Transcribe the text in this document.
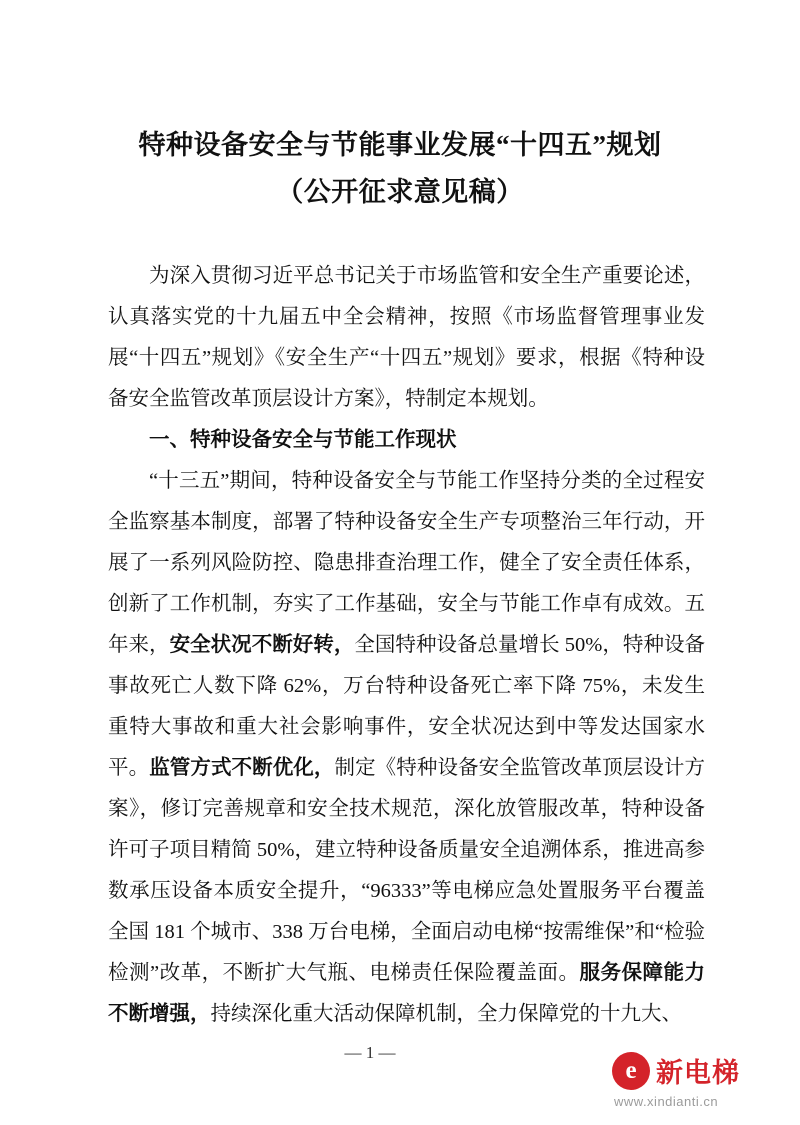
特种设备安全与节能事业发展“十四五”规划
（公开征求意见稿）

为深入贯彻习近平总书记关于市场监管和安全生产重要论述，认真落实党的十九届五中全会精神，按照《市场监督管理事业发展“十四五”规划》《安全生产“十四五”规划》要求，根据《特种设备安全监管改革顶层设计方案》，特制定本规划。

一、特种设备安全与节能工作现状

“十三五”期间，特种设备安全与节能工作坚持分类的全过程安全监察基本制度，部署了特种设备安全生产专项整治三年行动，开展了一系列风险防控、隐患排查治理工作，健全了安全责任体系，创新了工作机制，夯实了工作基础，安全与节能工作卓有成效。五年来，安全状况不断好转，全国特种设备总量增长 50%，特种设备事故死亡人数下降 62%，万台特种设备死亡率下降 75%，未发生重特大事故和重大社会影响事件，安全状况达到中等发达国家水平。监管方式不断优化，制定《特种设备安全监管改革顶层设计方案》，修订完善规章和安全技术规范，深化放管服改革，特种设备许可子项目精简 50%，建立特种设备质量安全追溯体系，推进高参数承压设备本质安全提升，“96333”等电梯应急处置服务平台覆盖全国 181 个城市、338 万台电梯，全面启动电梯“按需维保”和“检验检测”改革，不断扩大气瓶、电梯责任保险覆盖面。服务保障能力不断增强，持续深化重大活动保障机制，全力保障党的十九大、

— 1 —
e 新电梯
www.xindianti.cn
